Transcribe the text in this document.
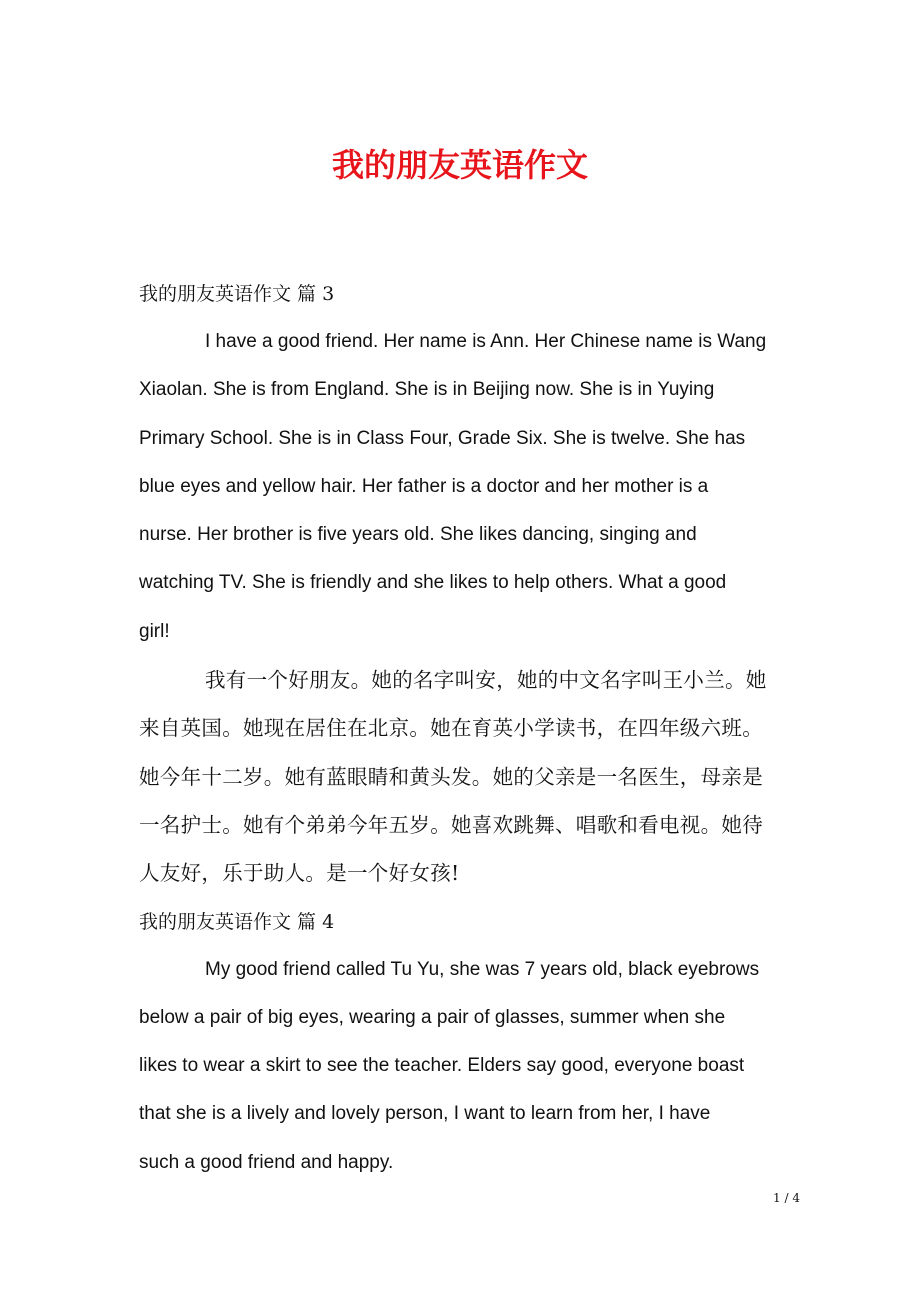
我的朋友英语作文

我的朋友英语作文 篇 3

I have a good friend. Her name is Ann. Her Chinese name is Wang
Xiaolan. She is from England. She is in Beijing now. She is in Yuying
Primary School. She is in Class Four, Grade Six. She is twelve. She has
blue eyes and yellow hair. Her father is a doctor and her mother is a
nurse. Her brother is five years old. She likes dancing, singing and
watching TV. She is friendly and she likes to help others. What a good
girl!

我有一个好朋友。她的名字叫安，她的中文名字叫王小兰。她
来自英国。她现在居住在北京。她在育英小学读书，在四年级六班。
她今年十二岁。她有蓝眼睛和黄头发。她的父亲是一名医生，母亲是
一名护士。她有个弟弟今年五岁。她喜欢跳舞、唱歌和看电视。她待
人友好，乐于助人。是一个好女孩!

我的朋友英语作文 篇 4

My good friend called Tu Yu, she was 7 years old, black eyebrows
below a pair of big eyes, wearing a pair of glasses, summer when she
likes to wear a skirt to see the teacher. Elders say good, everyone boast
that she is a lively and lovely person, I want to learn from her, I have
such a good friend and happy.

1 / 4
